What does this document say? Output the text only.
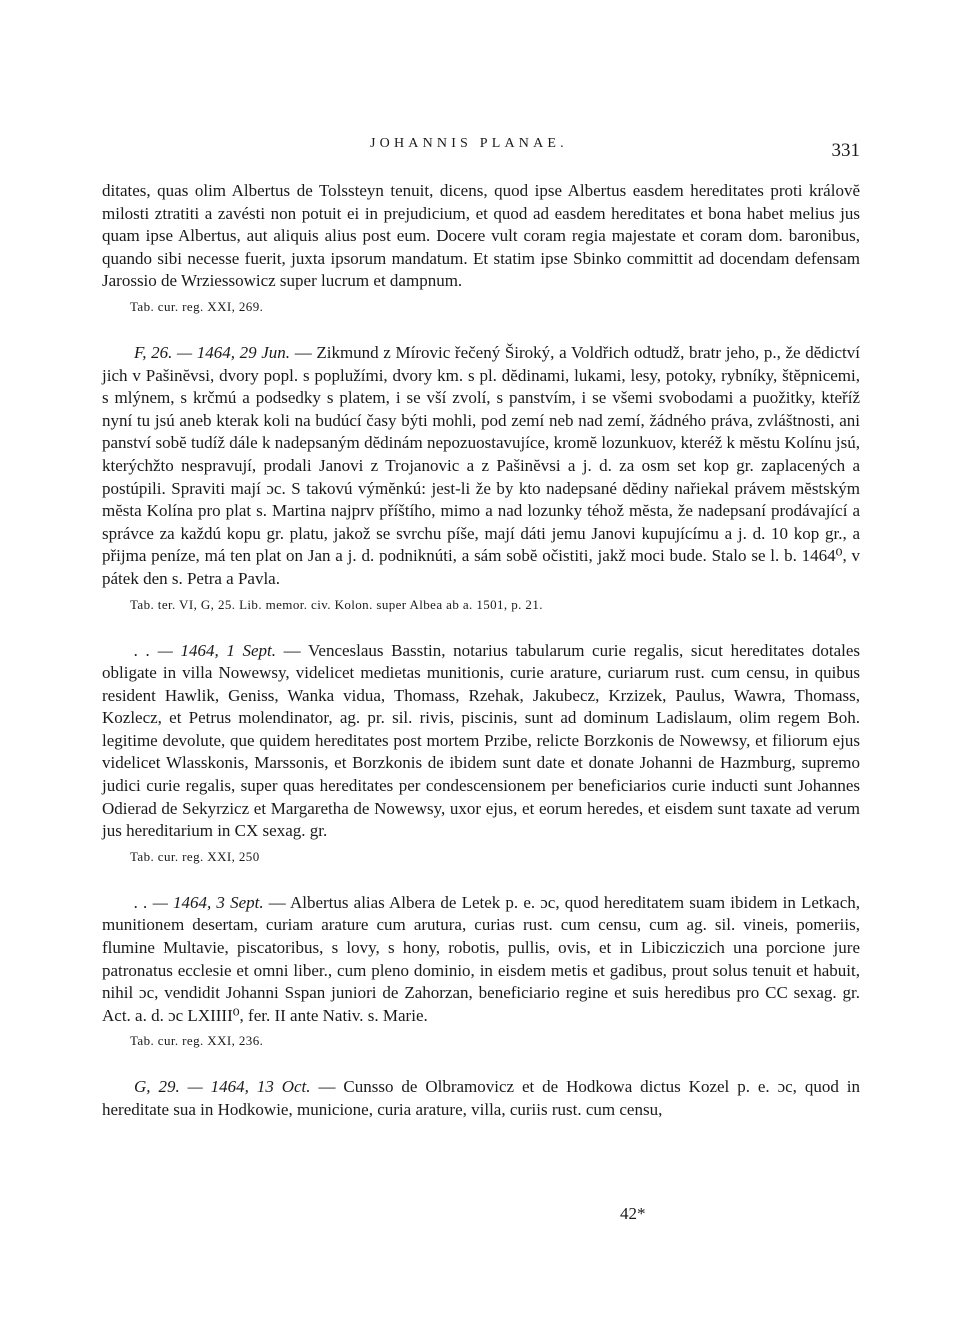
JOHANNIS PLANAE.	331

ditates, quas olim Albertus de Tolssteyn tenuit, dicens, quod ipse Albertus easdem hereditates proti královĕ milosti ztratiti a zavésti non potuit ei in prejudicium, et quod ad easdem hereditates et bona habet melius jus quam ipse Albertus, aut aliquis alius post eum. Docere vult coram regia majestate et coram dom. baronibus, quando sibi necesse fuerit, juxta ipsorum mandatum. Et statim ipse Sbinko committit ad docendam defensam Jarossio de Wrziessowicz super lucrum et dampnum.

Tab. cur. reg. XXI, 269.

F, 26. — 1464, 29 Jun. — Zikmund z Mírovic řečený Široký, a Voldřich odtudž, bratr jeho, p., že dĕdictví jich v Pašinĕvsi, dvory popl. s poplužími, dvory km. s pl. dĕdinami, lukami, lesy, potoky, rybníky, štĕpnicemi, s mlýnem, s krčmú a podsedky s platem, i se vší zvolí, s panstvím, i se všemi svobodami a puožitky, kteříž nyní tu jsú aneb kterak koli na budúcí časy býti mohli, pod zemí neb nad zemí, žádného práva, zvláštnosti, ani panství sobĕ tudíž dále k nadepsaným dĕdinám nepozuostavujíce, kromĕ lozunkuov, kteréž k mĕstu Kolínu jsú, kterýchžto nespravují, prodali Janovi z Trojanovic a z Pašinĕvsi a j. d. za osm set kop gr. zaplacených a postúpili. Spraviti mají ɔc. S takovú výmĕnkú: jest-li že by kto nadepsané dĕdiny nařiekal právem mĕstským mĕsta Kolína pro plat s. Martina najprv příštího, mimo a nad lozunky téhož mĕsta, že nadepsaní prodávající a správce za každú kopu gr. platu, jakož se svrchu píše, mají dáti jemu Janovi kupujícímu a j. d. 10 kop gr., a přijma peníze, má ten plat on Jan a j. d. podniknúti, a sám sobĕ očistiti, jakž moci bude. Stalo se l. b. 1464⁰, v pátek den s. Petra a Pavla.

Tab. ter. VI, G, 25. Lib. memor. civ. Kolon. super Albea ab a. 1501, p. 21.

. . — 1464, 1 Sept. — Venceslaus Basstin, notarius tabularum curie regalis, sicut hereditates dotales obligate in villa Nowewsy, videlicet medietas munitionis, curie arature, curiarum rust. cum censu, in quibus resident Hawlik, Geniss, Wanka vidua, Thomass, Rzehak, Jakubecz, Krzizek, Paulus, Wawra, Thomass, Kozlecz, et Petrus molendinator, ag. pr. sil. rivis, piscinis, sunt ad dominum Ladislaum, olim regem Boh. legitime devolute, que quidem hereditates post mortem Przibe, relicte Borzkonis de Nowewsy, et filiorum ejus videlicet Wlasskonis, Marssonis, et Borzkonis de ibidem sunt date et donate Johanni de Hazmburg, supremo judici curie regalis, super quas hereditates per condescensionem per beneficiarios curie inducti sunt Johannes Odierad de Sekyrzicz et Margaretha de Nowewsy, uxor ejus, et eorum heredes, et eisdem sunt taxate ad verum jus hereditarium in CX sexag. gr.

Tab. cur. reg. XXI, 250

. . — 1464, 3 Sept. — Albertus alias Albera de Letek p. e. ɔc, quod hereditatem suam ibidem in Letkach, munitionem desertam, curiam arature cum arutura, curias rust. cum censu, cum ag. sil. vineis, pomeriis, flumine Multavie, piscatoribus, s lovy, s hony, robotis, pullis, ovis, et in Libicziczich una porcione jure patronatus ecclesie et omni liber., cum pleno dominio, in eisdem metis et gadibus, prout solus tenuit et habuit, nihil ɔc, vendidit Johanni Sspan juniori de Zahorzan, beneficiario regine et suis heredibus pro CC sexag. gr. Act. a. d. ɔc LXIIII⁰, fer. II ante Nativ. s. Marie.

Tab. cur. reg. XXI, 236.

G, 29. — 1464, 13 Oct. — Cunsso de Olbramovicz et de Hodkowa dictus Kozel p. e. ɔc, quod in hereditate sua in Hodkowie, municione, curia arature, villa, curiis rust. cum censu,

42*
